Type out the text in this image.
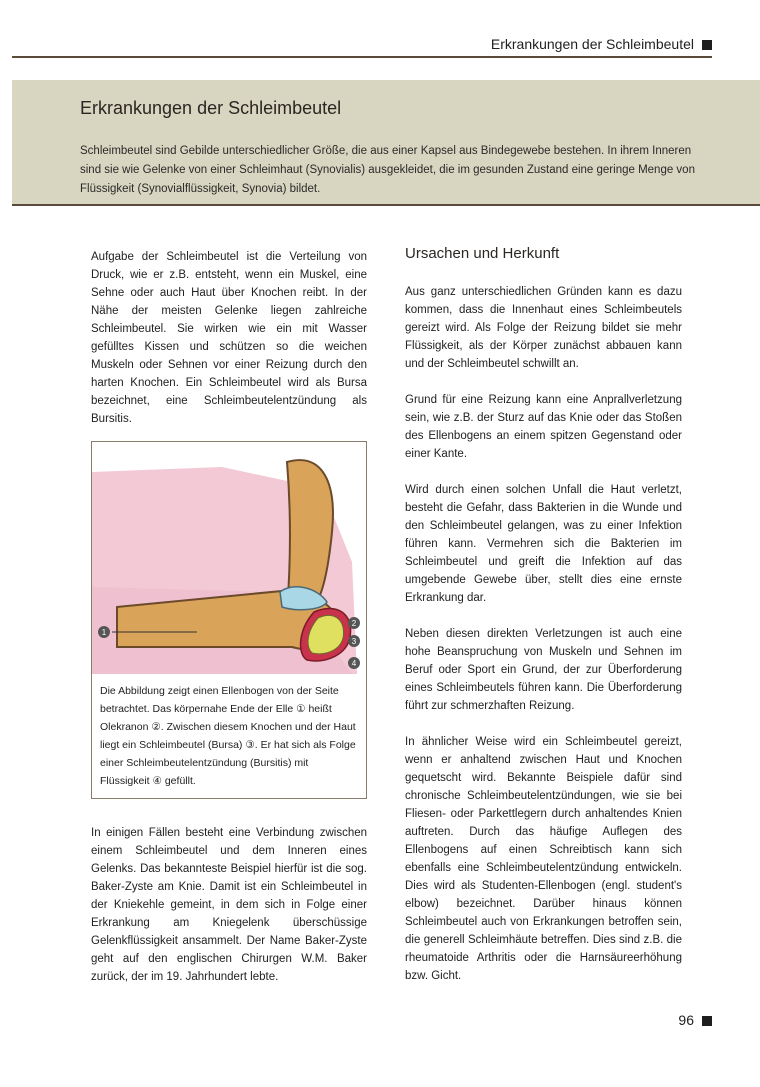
Erkrankungen der Schleimbeutel
Erkrankungen der Schleimbeutel
Schleimbeutel sind Gebilde unterschiedlicher Größe, die aus einer Kapsel aus Bindegewebe bestehen. In ihrem Inneren sind sie wie Gelenke von einer Schleimhaut (Synovialis) ausgekleidet, die im gesunden Zustand eine geringe Menge von Flüssigkeit (Synovialflüssigkeit, Synovia) bildet.

Aufgabe der Schleimbeutel ist die Verteilung von Druck, wie er z.B. entsteht, wenn ein Muskel, eine Sehne oder auch Haut über Knochen reibt. In der Nähe der meisten Gelenke liegen zahlreiche Schleimbeutel. Sie wirken wie ein mit Wasser gefülltes Kissen und schützen so die weichen Muskeln oder Sehnen vor einer Reizung durch den harten Knochen. Ein Schleimbeutel wird als Bursa bezeichnet, eine Schleimbeutelentzündung als Bursitis.

1
2
3
4
Die Abbildung zeigt einen Ellenbogen von der Seite betrachtet. Das körpernahe Ende der Elle ① heißt Olekranon ②. Zwischen diesem Knochen und der Haut liegt ein Schleimbeutel (Bursa) ③. Er hat sich als Folge einer Schleimbeutelentzündung (Bursitis) mit Flüssigkeit ④ gefüllt.

In einigen Fällen besteht eine Verbindung zwischen einem Schleimbeutel und dem Inneren eines Gelenks. Das bekannteste Beispiel hierfür ist die sog. Baker-Zyste am Knie. Damit ist ein Schleimbeutel in der Kniekehle gemeint, in dem sich in Folge einer Erkrankung am Kniegelenk überschüssige Gelenkflüssigkeit ansammelt. Der Name Baker-Zyste geht auf den englischen Chirurgen W.M. Baker zurück, der im 19. Jahrhundert lebte.

Ursachen und Herkunft

Aus ganz unterschiedlichen Gründen kann es dazu kommen, dass die Innenhaut eines Schleimbeutels gereizt wird. Als Folge der Reizung bildet sie mehr Flüssigkeit, als der Körper zunächst abbauen kann und der Schleimbeutel schwillt an.

Grund für eine Reizung kann eine Anprallverletzung sein, wie z.B. der Sturz auf das Knie oder das Stoßen des Ellenbogens an einem spitzen Gegenstand oder einer Kante.

Wird durch einen solchen Unfall die Haut verletzt, besteht die Gefahr, dass Bakterien in die Wunde und den Schleimbeutel gelangen, was zu einer Infektion führen kann. Vermehren sich die Bakterien im Schleimbeutel und greift die Infektion auf das umgebende Gewebe über, stellt dies eine ernste Erkrankung dar.

Neben diesen direkten Verletzungen ist auch eine hohe Beanspruchung von Muskeln und Sehnen im Beruf oder Sport ein Grund, der zur Überforderung eines Schleimbeutels führen kann. Die Überforderung führt zur schmerzhaften Reizung.

In ähnlicher Weise wird ein Schleimbeutel gereizt, wenn er anhaltend zwischen Haut und Knochen gequetscht wird. Bekannte Beispiele dafür sind chronische Schleimbeutelentzündungen, wie sie bei Fliesen- oder Parkettlegern durch anhaltendes Knien auftreten. Durch das häufige Auflegen des Ellenbogens auf einen Schreibtisch kann sich ebenfalls eine Schleimbeutelentzündung entwickeln. Dies wird als Studenten-Ellenbogen (engl. student's elbow) bezeichnet. Darüber hinaus können Schleimbeutel auch von Erkrankungen betroffen sein, die generell Schleimhäute betreffen. Dies sind z.B. die rheumatoide Arthritis oder die Harnsäureerhöhung bzw. Gicht.

96
